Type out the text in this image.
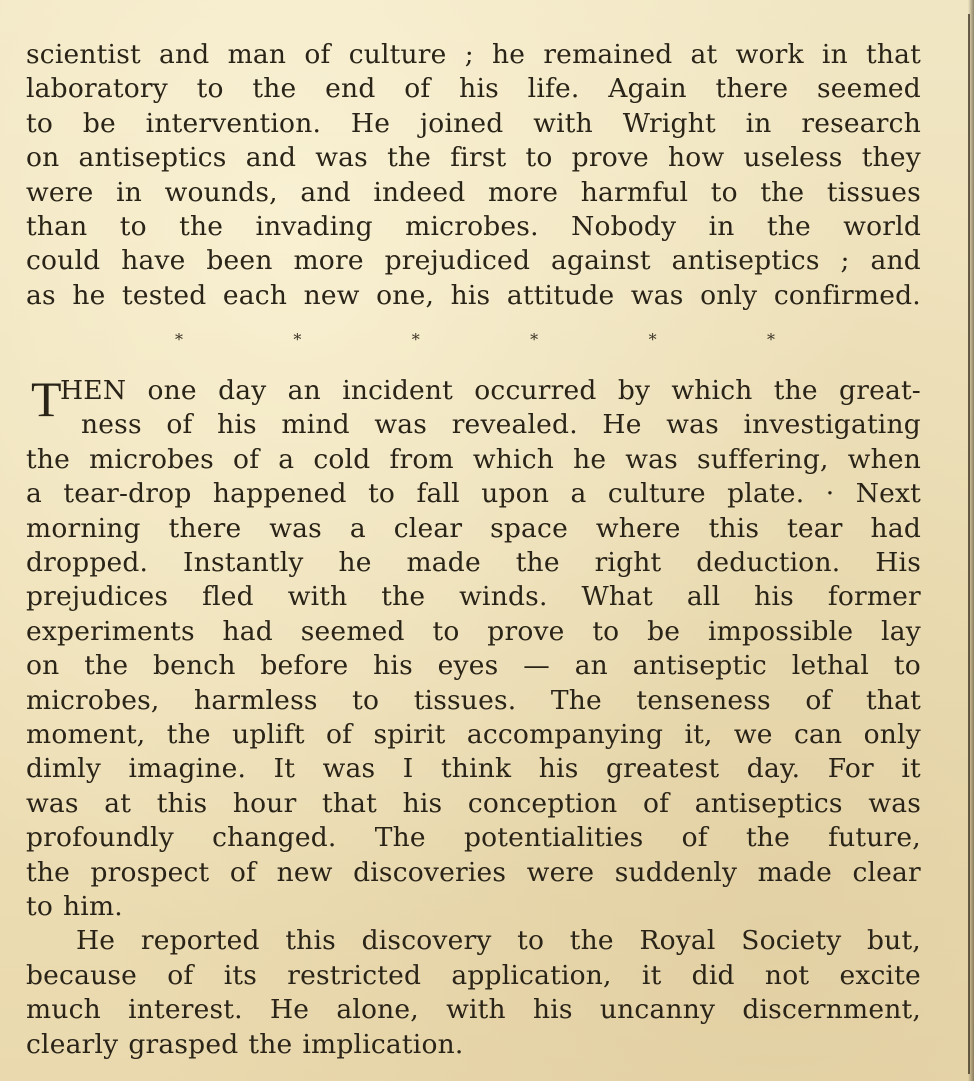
scientist and man of culture ; he remained at work in that
laboratory to the end of his life. Again there seemed
to be intervention. He joined with Wright in research
on antiseptics and was the first to prove how useless they
were in wounds, and indeed more harmful to the tissues
than to the invading microbes. Nobody in the world
could have been more prejudiced against antiseptics ; and
as he tested each new one, his attitude was only confirmed.
*	*	*	*	*	*
T
HEN one day an incident occurred by which the great-
ness of his mind was revealed. He was investigating
the microbes of a cold from which he was suffering, when
a tear-drop happened to fall upon a culture plate. · Next
morning there was a clear space where this tear had
dropped. Instantly he made the right deduction. His
prejudices fled with the winds. What all his former
experiments had seemed to prove to be impossible lay
on the bench before his eyes — an antiseptic lethal to
microbes, harmless to tissues. The tenseness of that
moment, the uplift of spirit accompanying it, we can only
dimly imagine. It was I think his greatest day. For it
was at this hour that his conception of antiseptics was
profoundly changed. The potentialities of the future,
the prospect of new discoveries were suddenly made clear
to him.
He reported this discovery to the Royal Society but,
because of its restricted application, it did not excite
much interest. He alone, with his uncanny discernment,
clearly grasped the implication.
